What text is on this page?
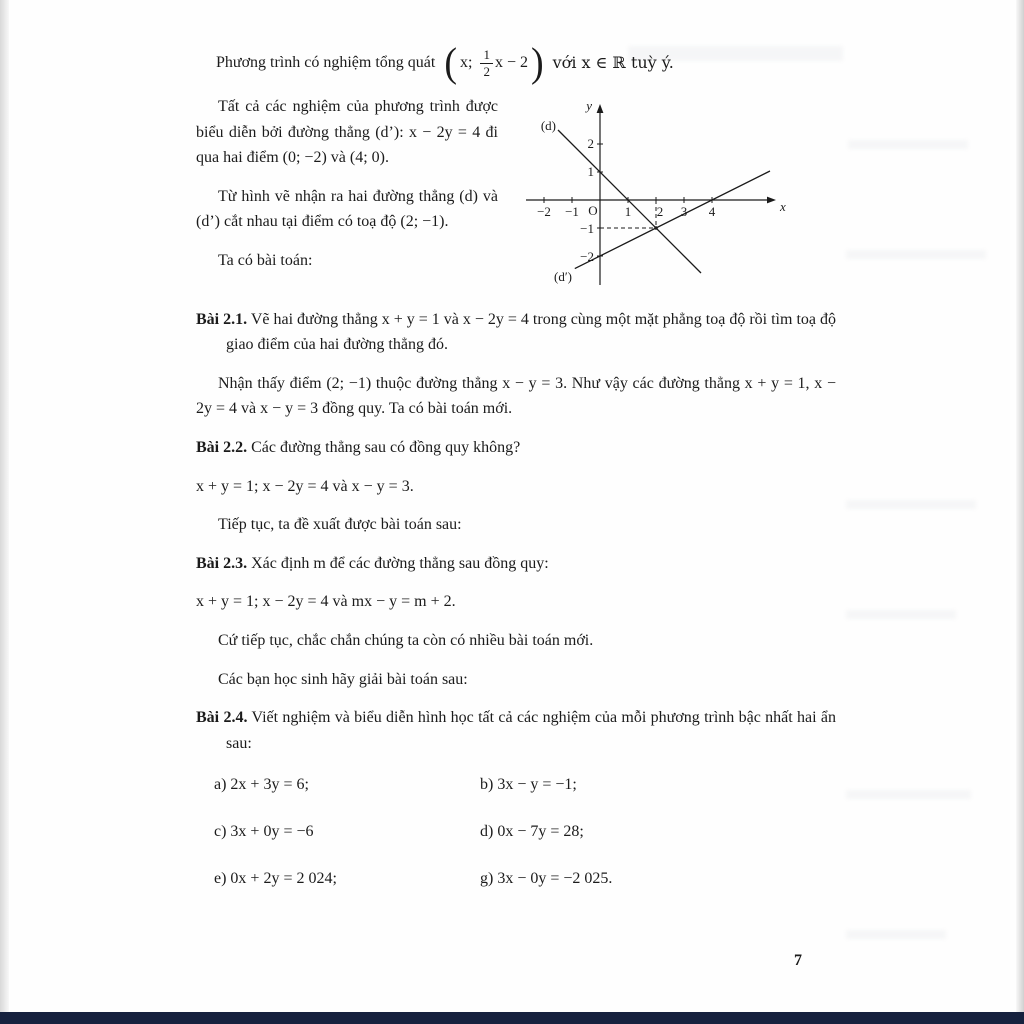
Phương trình có nghiệm tổng quát ( x; $\frac{1}{2}$ x − 2 ) với x ∈ ℝ tuỳ ý.

Tất cả các nghiệm của phương trình được biểu diễn bởi đường thẳng (d’): x − 2y = 4 đi qua hai điểm (0; −2) và (4; 0).

Từ hình vẽ nhận ra hai đường thẳng (d) và (d’) cắt nhau tại điểm có toạ độ (2; −1).

Ta có bài toán:

y
x
O
−2 −1	1 2 3 4
2
1
−1
−2
(d)
(d′)

Bài 2.1. Vẽ hai đường thẳng x + y = 1 và x − 2y = 4 trong cùng một mặt phẳng toạ độ rồi tìm toạ độ giao điểm của hai đường thẳng đó.

Nhận thấy điểm (2; −1) thuộc đường thẳng x − y = 3. Như vậy các đường thẳng x + y = 1, x − 2y = 4 và x − y = 3 đồng quy. Ta có bài toán mới.

Bài 2.2. Các đường thẳng sau có đồng quy không?

x + y = 1; x − 2y = 4 và x − y = 3.

Tiếp tục, ta đề xuất được bài toán sau:

Bài 2.3. Xác định m để các đường thẳng sau đồng quy:

x + y = 1; x − 2y = 4 và mx − y = m + 2.

Cứ tiếp tục, chắc chắn chúng ta còn có nhiều bài toán mới.

Các bạn học sinh hãy giải bài toán sau:

Bài 2.4. Viết nghiệm và biểu diễn hình học tất cả các nghiệm của mỗi phương trình bậc nhất hai ẩn sau:

a) 2x + 3y = 6;	b) 3x − y = −1;
c) 3x + 0y = −6	d) 0x − 7y = 28;
e) 0x + 2y = 2 024;	g) 3x − 0y = −2 025.
7
